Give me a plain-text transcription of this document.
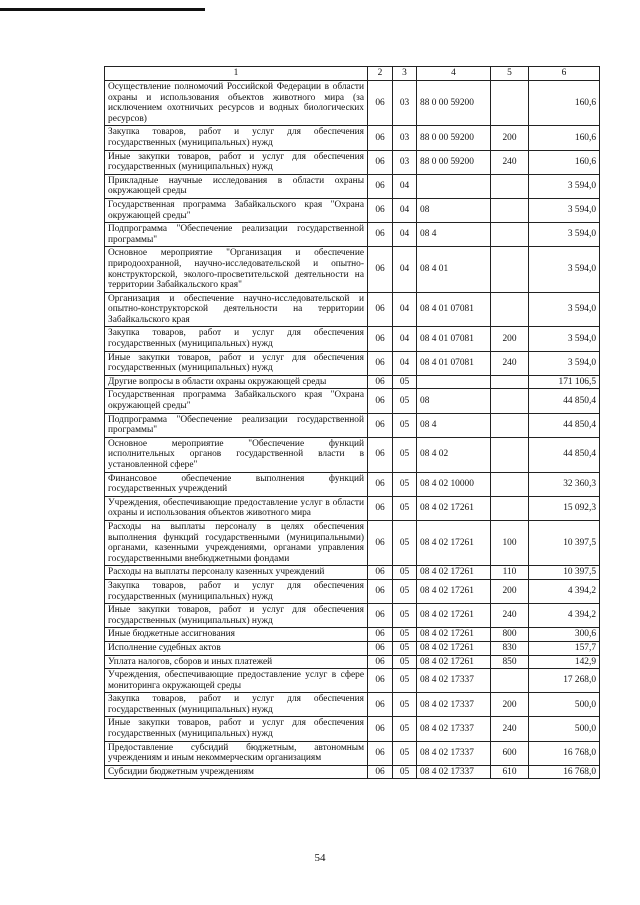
1	2	3	4	5	6
Осуществление полномочий Российской Федерации в области охраны и использования объектов животного мира (за исключением охотничьих ресурсов и водных биологических ресурсов)	06	03	88 0 00 59200		160,6
Закупка товаров, работ и услуг для обеспечения государственных (муниципальных) нужд	06	03	88 0 00 59200	200	160,6
Иные закупки товаров, работ и услуг для обеспечения государственных (муниципальных) нужд	06	03	88 0 00 59200	240	160,6
Прикладные научные исследования в области охраны окружающей среды	06	04			3 594,0
Государственная программа Забайкальского края "Охрана окружающей среды"	06	04	08		3 594,0
Подпрограмма "Обеспечение реализации государственной программы"	06	04	08 4		3 594,0
Основное мероприятие "Организация и обеспечение природоохранной, научно-исследовательской и опытно-конструкторской, эколого-просветительской деятельности на территории Забайкальского края"	06	04	08 4 01		3 594,0
Организация и обеспечение научно-исследовательской и опытно-конструкторской деятельности на территории Забайкальского края	06	04	08 4 01 07081		3 594,0
Закупка товаров, работ и услуг для обеспечения государственных (муниципальных) нужд	06	04	08 4 01 07081	200	3 594,0
Иные закупки товаров, работ и услуг для обеспечения государственных (муниципальных) нужд	06	04	08 4 01 07081	240	3 594,0
Другие вопросы в области охраны окружающей среды	06	05			171 106,5
Государственная программа Забайкальского края "Охрана окружающей среды"	06	05	08		44 850,4
Подпрограмма "Обеспечение реализации государственной программы"	06	05	08 4		44 850,4
Основное мероприятие "Обеспечение функций исполнительных органов государственной власти в установленной сфере"	06	05	08 4 02		44 850,4
Финансовое обеспечение выполнения функций государственных учреждений	06	05	08 4 02 10000		32 360,3
Учреждения, обеспечивающие предоставление услуг в области охраны и использования объектов животного мира	06	05	08 4 02 17261		15 092,3
Расходы на выплаты персоналу в целях обеспечения выполнения функций государственными (муниципальными) органами, казенными учреждениями, органами управления государственными внебюджетными фондами	06	05	08 4 02 17261	100	10 397,5
Расходы на выплаты персоналу казенных учреждений	06	05	08 4 02 17261	110	10 397,5
Закупка товаров, работ и услуг для обеспечения государственных (муниципальных) нужд	06	05	08 4 02 17261	200	4 394,2
Иные закупки товаров, работ и услуг для обеспечения государственных (муниципальных) нужд	06	05	08 4 02 17261	240	4 394,2
Иные бюджетные ассигнования	06	05	08 4 02 17261	800	300,6
Исполнение судебных актов	06	05	08 4 02 17261	830	157,7
Уплата налогов, сборов и иных платежей	06	05	08 4 02 17261	850	142,9
Учреждения, обеспечивающие предоставление услуг в сфере мониторинга окружающей среды	06	05	08 4 02 17337		17 268,0
Закупка товаров, работ и услуг для обеспечения государственных (муниципальных) нужд	06	05	08 4 02 17337	200	500,0
Иные закупки товаров, работ и услуг для обеспечения государственных (муниципальных) нужд	06	05	08 4 02 17337	240	500,0
Предоставление субсидий бюджетным, автономным учреждениям и иным некоммерческим организациям	06	05	08 4 02 17337	600	16 768,0
Субсидии бюджетным учреждениям	06	05	08 4 02 17337	610	16 768,0
54
